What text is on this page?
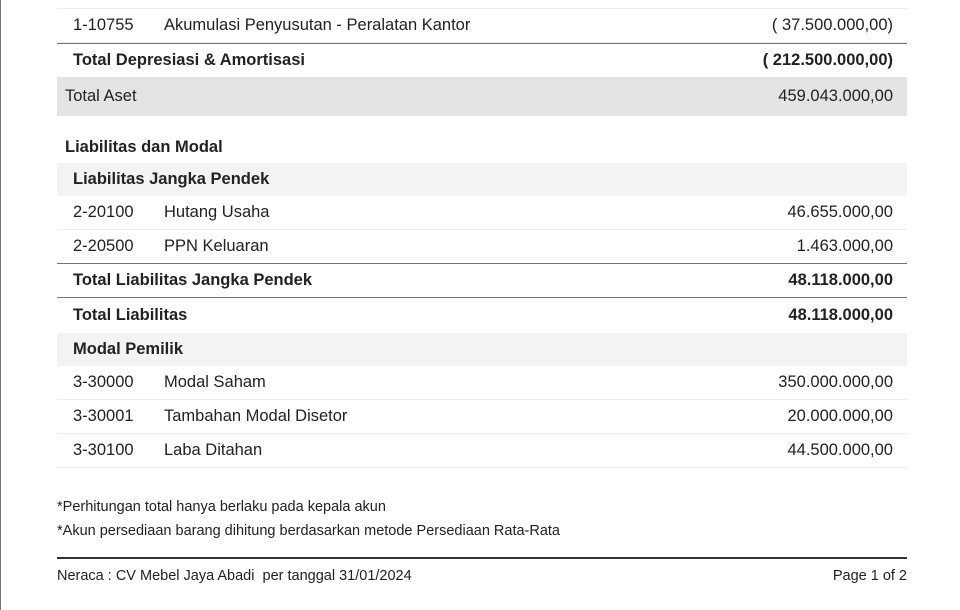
1-10755	Akumulasi Penyusutan - Peralatan Kantor	( 37.500.000,00)
Total Depresiasi & Amortisasi	( 212.500.000,00)
Total Aset	459.043.000,00
Liabilitas dan Modal
Liabilitas Jangka Pendek
2-20100	Hutang Usaha	46.655.000,00
2-20500	PPN Keluaran	1.463.000,00
Total Liabilitas Jangka Pendek	48.118.000,00
Total Liabilitas	48.118.000,00
Modal Pemilik
3-30000	Modal Saham	350.000.000,00
3-30001	Tambahan Modal Disetor	20.000.000,00
3-30100	Laba Ditahan	44.500.000,00
*Perhitungan total hanya berlaku pada kepala akun
*Akun persediaan barang dihitung berdasarkan metode Persediaan Rata-Rata
Neraca : CV Mebel Jaya Abadi  per tanggal 31/01/2024	Page 1 of 2
